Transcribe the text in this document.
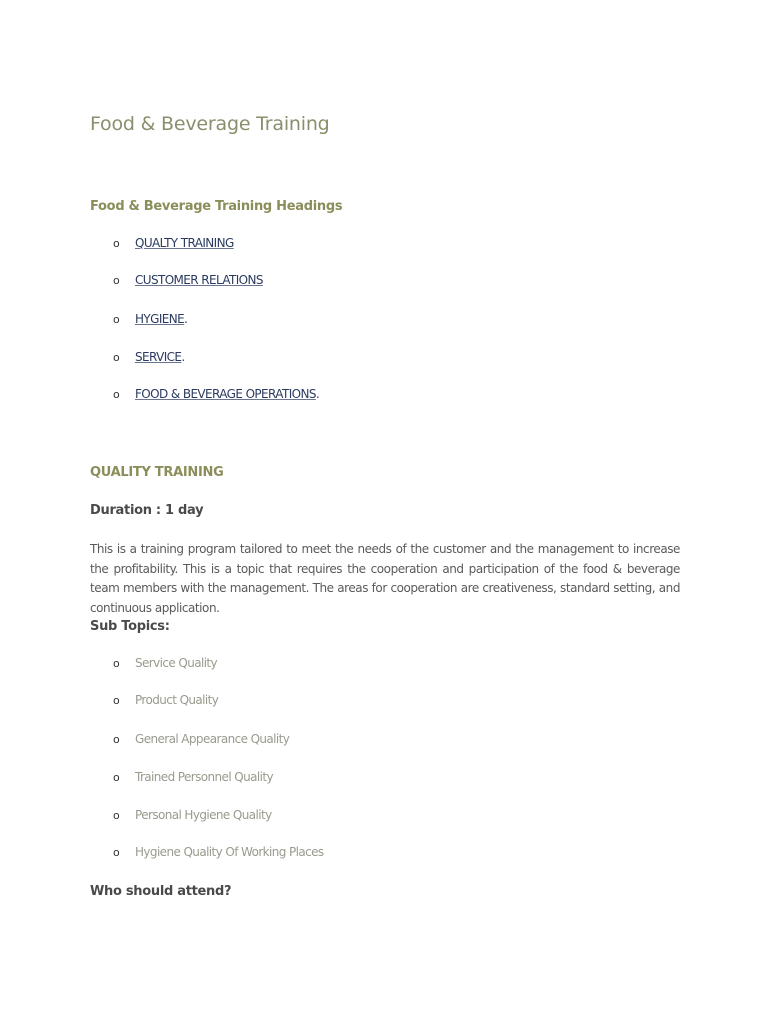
Food & Beverage Training
Food & Beverage Training Headings
o QUALTY TRAINING
o CUSTOMER RELATIONS
o HYGIENE.
o SERVICE.
o FOOD & BEVERAGE OPERATIONS.
QUALITY TRAINING
Duration : 1 day

This is a training program tailored to meet the needs of the customer and the management to increase the profitability. This is a topic that requires the cooperation and participation of the food & beverage team members with the management. The areas for cooperation are creativeness, standard setting, and continuous application.

Sub Topics:
o Service Quality
o Product Quality
o General Appearance Quality
o Trained Personnel Quality
o Personal Hygiene Quality
o Hygiene Quality Of Working Places
Who should attend?
